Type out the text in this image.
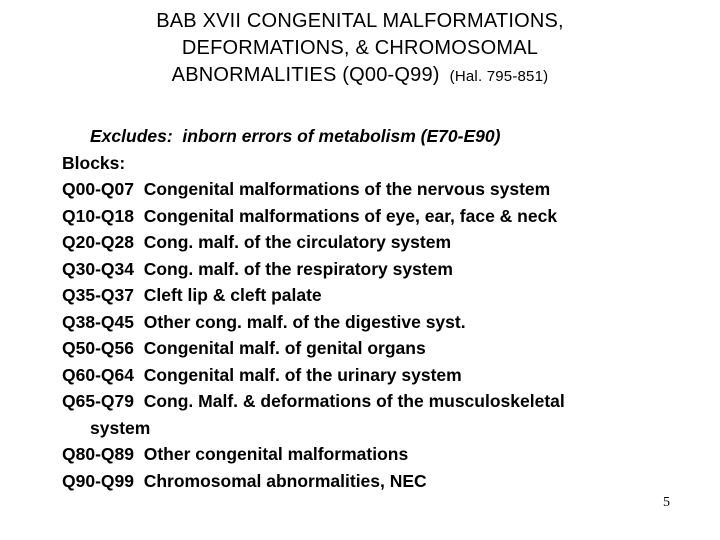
BAB XVII CONGENITAL MALFORMATIONS,
DEFORMATIONS, & CHROMOSOMAL
ABNORMALITIES (Q00-Q99) (Hal. 795-851)
Excludes: inborn errors of metabolism (E70-E90)
Blocks:
Q00-Q07 Congenital malformations of the nervous system
Q10-Q18 Congenital malformations of eye, ear, face & neck
Q20-Q28 Cong. malf. of the circulatory system
Q30-Q34 Cong. malf. of the respiratory system
Q35-Q37 Cleft lip & cleft palate
Q38-Q45 Other cong. malf. of the digestive syst.
Q50-Q56 Congenital malf. of genital organs
Q60-Q64 Congenital malf. of the urinary system
Q65-Q79 Cong. Malf. & deformations of the musculoskeletal
system
Q80-Q89 Other congenital malformations
Q90-Q99 Chromosomal abnormalities, NEC
5
